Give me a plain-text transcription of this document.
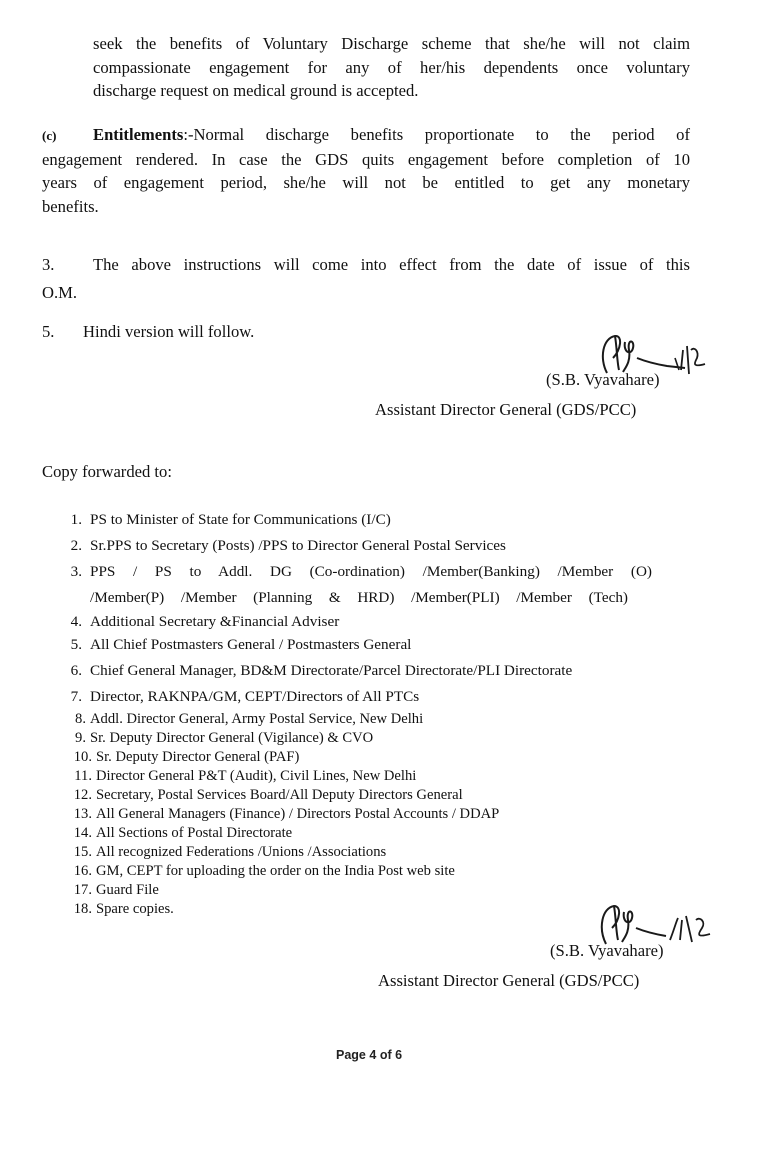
seek the benefits of Voluntary Discharge scheme that she/he will not claim
compassionate engagement for any of her/his dependents once voluntary
discharge request on medical ground is accepted.
(c) Entitlements:-Normal discharge benefits proportionate to the period of
engagement rendered. In case the GDS quits engagement before completion of 10
years of engagement period, she/he will not be entitled to get any monetary
benefits.
3. The above instructions will come into effect from the date of issue of this
O.M.
5. Hindi version will follow.
(S.B. Vyavahare)
Assistant Director General (GDS/PCC)
Copy forwarded to:
1. PS to Minister of State for Communications (I/C)
2. Sr.PPS to Secretary (Posts) /PPS to Director General Postal Services
3. PPS / PS to Addl. DG (Co-ordination) /Member(Banking) /Member (O)
/Member(P) /Member (Planning & HRD) /Member(PLI) /Member (Tech)
4. Additional Secretary &Financial Adviser
5. All Chief Postmasters General / Postmasters General
6. Chief General Manager, BD&M Directorate/Parcel Directorate/PLI Directorate
7. Director, RAKNPA/GM, CEPT/Directors of All PTCs
8. Addl. Director General, Army Postal Service, New Delhi
9. Sr. Deputy Director General (Vigilance) & CVO
10. Sr. Deputy Director General (PAF)
11. Director General P&T (Audit), Civil Lines, New Delhi
12. Secretary, Postal Services Board/All Deputy Directors General
13. All General Managers (Finance) / Directors Postal Accounts / DDAP
14. All Sections of Postal Directorate
15. All recognized Federations /Unions /Associations
16. GM, CEPT for uploading the order on the India Post web site
17. Guard File
18. Spare copies.
(S.B. Vyavahare)
Assistant Director General (GDS/PCC)
Page 4 of 6
